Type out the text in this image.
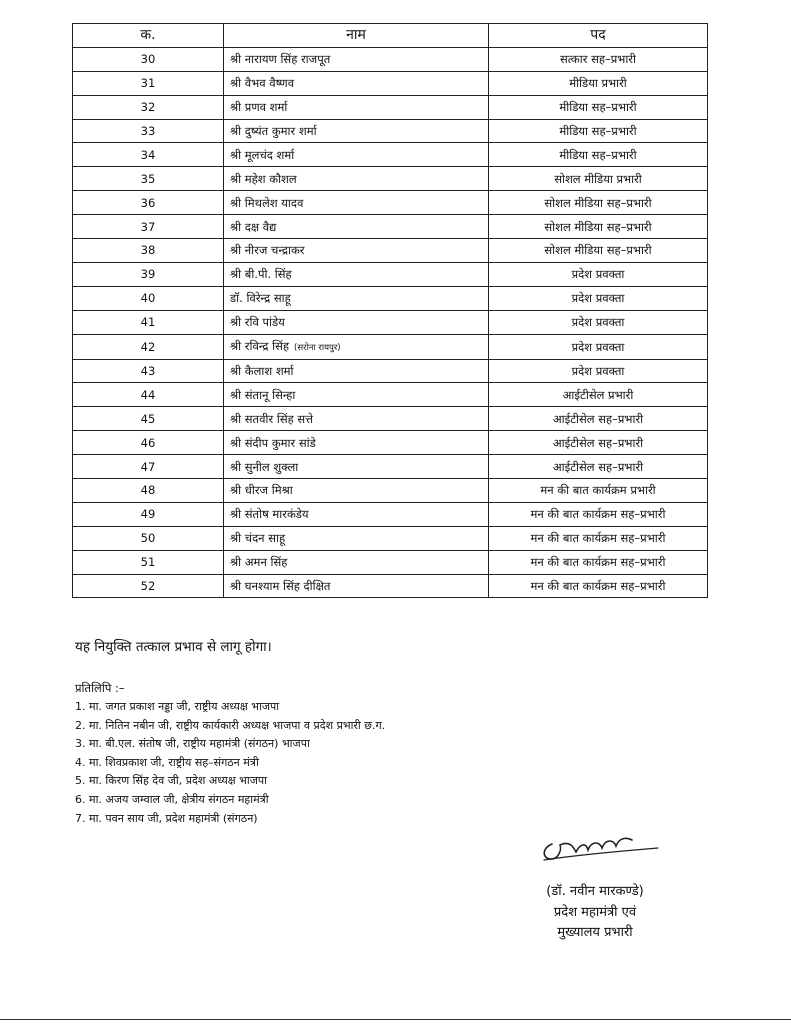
क.	नाम	पद
30	श्री नारायण सिंह राजपूत	सत्कार सह–प्रभारी
31	श्री वैभव वैष्णव	मीडिया प्रभारी
32	श्री प्रणव शर्मा	मीडिया सह–प्रभारी
33	श्री दुष्यंत कुमार शर्मा	मीडिया सह–प्रभारी
34	श्री मूलचंद शर्मा	मीडिया सह–प्रभारी
35	श्री महेश कौशल	सोशल मीडिया प्रभारी
36	श्री मिथलेश यादव	सोशल मीडिया सह–प्रभारी
37	श्री दक्ष वैद्य	सोशल मीडिया सह–प्रभारी
38	श्री नीरज चन्द्राकर	सोशल मीडिया सह–प्रभारी
39	श्री बी.पी. सिंह	प्रदेश प्रवक्ता
40	डॉ. विरेन्द्र साहू	प्रदेश प्रवक्ता
41	श्री रवि पांडेय	प्रदेश प्रवक्ता
42	श्री रविन्द्र सिंह (सरोना रायपुर)	प्रदेश प्रवक्ता
43	श्री कैलाश शर्मा	प्रदेश प्रवक्ता
44	श्री संतानू सिन्हा	आईटीसेल प्रभारी
45	श्री सतवीर सिंह सत्ते	आईटीसेल सह–प्रभारी
46	श्री संदीप कुमार सांडे	आईटीसेल सह–प्रभारी
47	श्री सुनील शुक्ला	आईटीसेल सह–प्रभारी
48	श्री धीरज मिश्रा	मन की बात कार्यक्रम प्रभारी
49	श्री संतोष मारकंडेय	मन की बात कार्यक्रम सह–प्रभारी
50	श्री चंदन साहू	मन की बात कार्यक्रम सह–प्रभारी
51	श्री अमन सिंह	मन की बात कार्यक्रम सह–प्रभारी
52	श्री घनश्याम सिंह दीक्षित	मन की बात कार्यक्रम सह–प्रभारी
यह नियुक्ति तत्काल प्रभाव से लागू होगा।
प्रतिलिपि :–
1. मा. जगत प्रकाश नड्डा जी, राष्ट्रीय अध्यक्ष भाजपा
2. मा. नितिन नबीन जी, राष्ट्रीय कार्यकारी अध्यक्ष भाजपा व प्रदेश प्रभारी छ.ग.
3. मा. बी.एल. संतोष जी, राष्ट्रीय महामंत्री (संगठन) भाजपा
4. मा. शिवप्रकाश जी, राष्ट्रीय सह–संगठन मंत्री
5. मा. किरण सिंह देव जी, प्रदेश अध्यक्ष भाजपा
6. मा. अजय जम्वाल जी, क्षेत्रीय संगठन महामंत्री
7. मा. पवन साय जी, प्रदेश महामंत्री (संगठन)
(डॉ. नवीन मारकण्डे)
प्रदेश महामंत्री एवं
मुख्यालय प्रभारी
